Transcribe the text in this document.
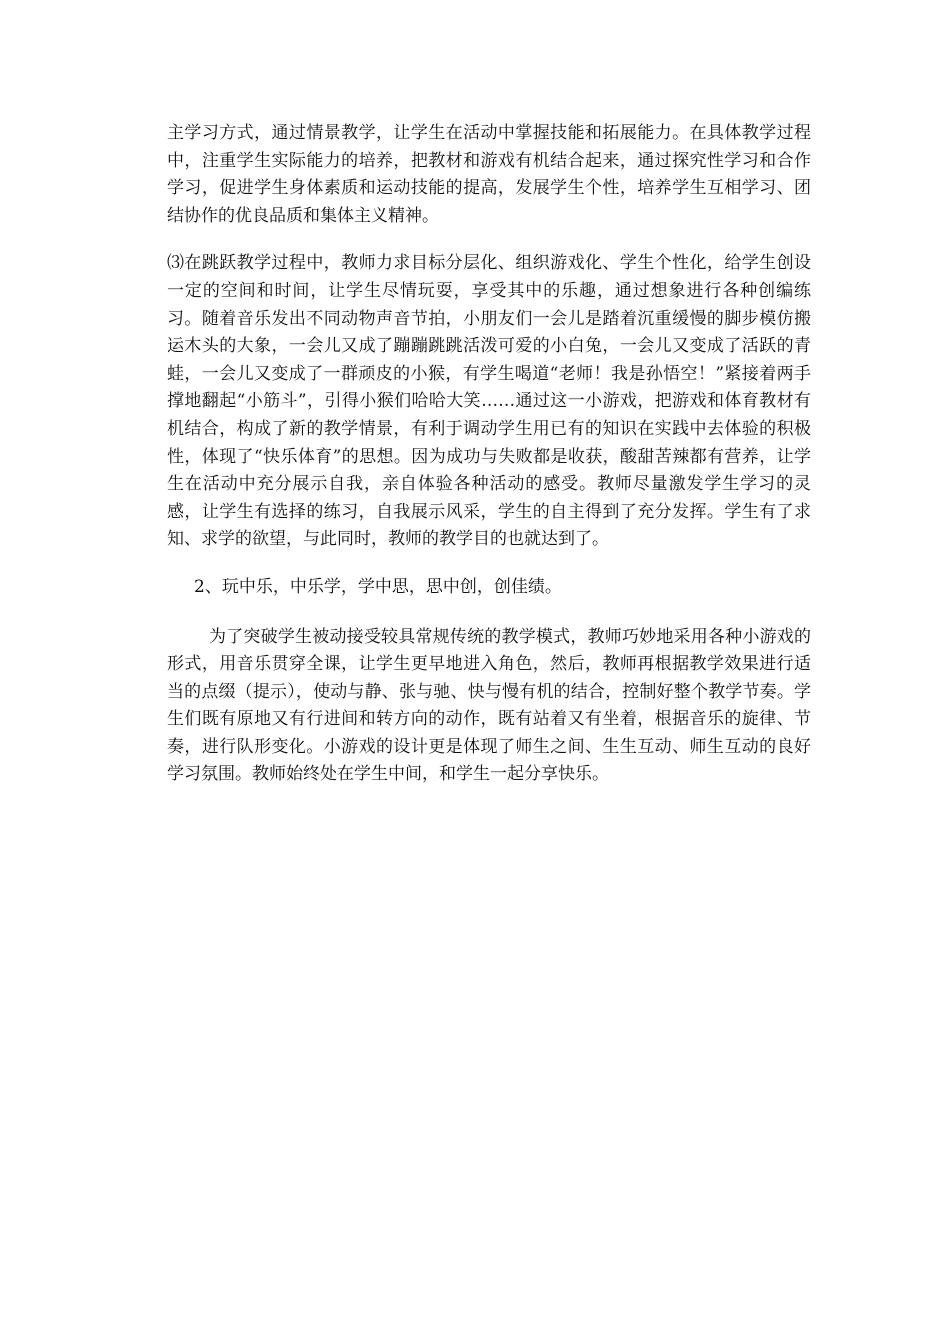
主学习方式，通过情景教学，让学生在活动中掌握技能和拓展能力。在具体教学过程中，注重学生实际能力的培养，把教材和游戏有机结合起来，通过探究性学习和合作学习，促进学生身体素质和运动技能的提高，发展学生个性，培养学生互相学习、团结协作的优良品质和集体主义精神。

⑶在跳跃教学过程中，教师力求目标分层化、组织游戏化、学生个性化，给学生创设一定的空间和时间，让学生尽情玩耍，享受其中的乐趣，通过想象进行各种创编练习。随着音乐发出不同动物声音节拍，小朋友们一会儿是踏着沉重缓慢的脚步模仿搬运木头的大象，一会儿又成了蹦蹦跳跳活泼可爱的小白兔，一会儿又变成了活跃的青蛙，一会儿又变成了一群顽皮的小猴，有学生喝道“老师！我是孙悟空！”紧接着两手撑地翻起“小筋斗”，引得小猴们哈哈大笑……通过这一小游戏，把游戏和体育教材有机结合，构成了新的教学情景，有利于调动学生用已有的知识在实践中去体验的积极性，体现了“快乐体育”的思想。因为成功与失败都是收获，酸甜苦辣都有营养，让学生在活动中充分展示自我，亲自体验各种活动的感受。教师尽量激发学生学习的灵感，让学生有选择的练习，自我展示风采，学生的自主得到了充分发挥。学生有了求知、求学的欲望，与此同时，教师的教学目的也就达到了。

2、玩中乐，中乐学，学中思，思中创，创佳绩。

为了突破学生被动接受较具常规传统的教学模式，教师巧妙地采用各种小游戏的形式，用音乐贯穿全课，让学生更早地进入角色，然后，教师再根据教学效果进行适当的点缀（提示），使动与静、张与驰、快与慢有机的结合，控制好整个教学节奏。学生们既有原地又有行进间和转方向的动作，既有站着又有坐着，根据音乐的旋律、节奏，进行队形变化。小游戏的设计更是体现了师生之间、生生互动、师生互动的良好学习氛围。教师始终处在学生中间，和学生一起分享快乐。
